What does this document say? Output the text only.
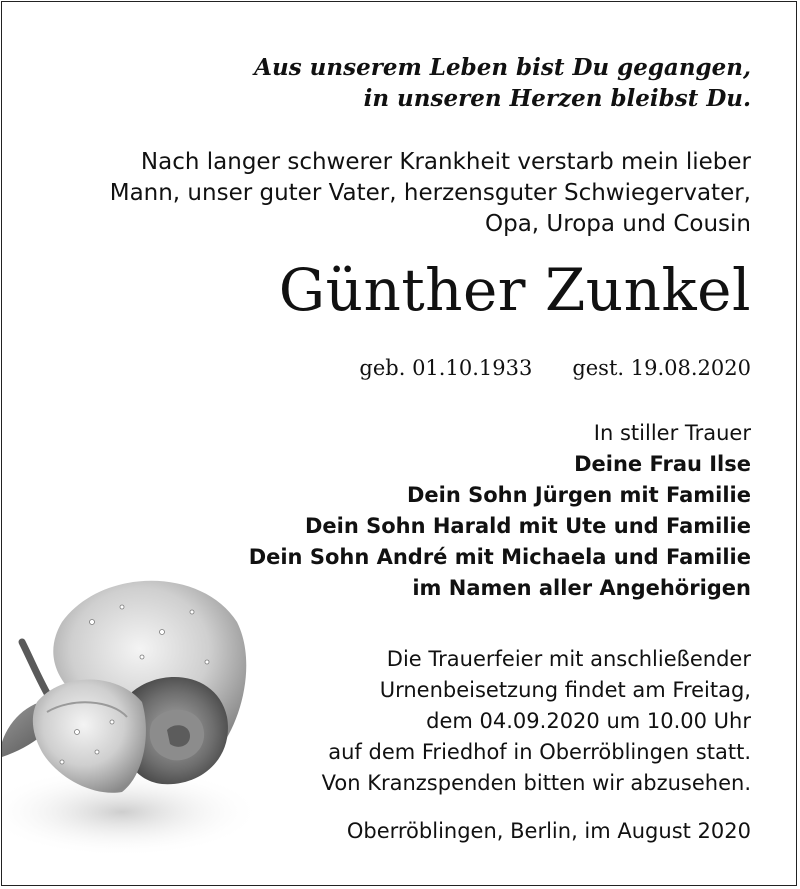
Aus unserem Leben bist Du gegangen,
in unseren Herzen bleibst Du.
Nach langer schwerer Krankheit verstarb mein lieber
Mann, unser guter Vater, herzensguter Schwiegervater,
Opa, Uropa und Cousin
Günther Zunkel
geb. 01.10.1933 gest. 19.08.2020
In stiller Trauer
Deine Frau Ilse
Dein Sohn Jürgen mit Familie
Dein Sohn Harald mit Ute und Familie
Dein Sohn André mit Michaela und Familie
im Namen aller Angehörigen
Die Trauerfeier mit anschließender
Urnenbeisetzung findet am Freitag,
dem 04.09.2020 um 10.00 Uhr
auf dem Friedhof in Oberröblingen statt.
Von Kranzspenden bitten wir abzusehen.
Oberröblingen, Berlin, im August 2020
